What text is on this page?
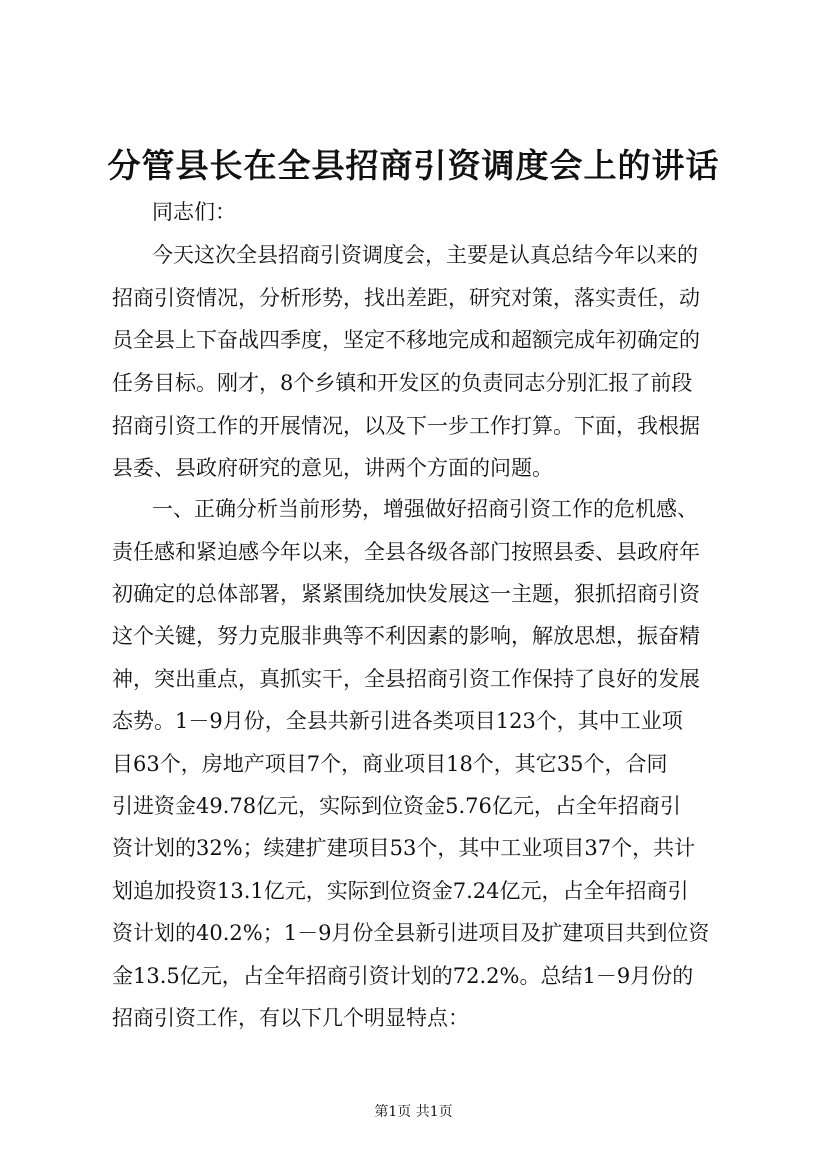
分管县长在全县招商引资调度会上的讲话
同志们：
今天这次全县招商引资调度会，主要是认真总结今年以来的
招商引资情况，分析形势，找出差距，研究对策，落实责任，动
员全县上下奋战四季度，坚定不移地完成和超额完成年初确定的
任务目标。刚才，8个乡镇和开发区的负责同志分别汇报了前段
招商引资工作的开展情况，以及下一步工作打算。下面，我根据
县委、县政府研究的意见，讲两个方面的问题。
一、正确分析当前形势，增强做好招商引资工作的危机感、
责任感和紧迫感今年以来，全县各级各部门按照县委、县政府年
初确定的总体部署，紧紧围绕加快发展这一主题，狠抓招商引资
这个关键，努力克服非典等不利因素的影响，解放思想，振奋精
神，突出重点，真抓实干，全县招商引资工作保持了良好的发展
态势。1－9月份，全县共新引进各类项目123个，其中工业项
目63个，房地产项目7个，商业项目18个，其它35个，合同
引进资金49.78亿元，实际到位资金5.76亿元，占全年招商引
资计划的32%；续建扩建项目53个，其中工业项目37个，共计
划追加投资13.1亿元，实际到位资金7.24亿元，占全年招商引
资计划的40.2%；1－9月份全县新引进项目及扩建项目共到位资
金13.5亿元，占全年招商引资计划的72.2%。总结1－9月份的
招商引资工作，有以下几个明显特点：
第1页 共1页
